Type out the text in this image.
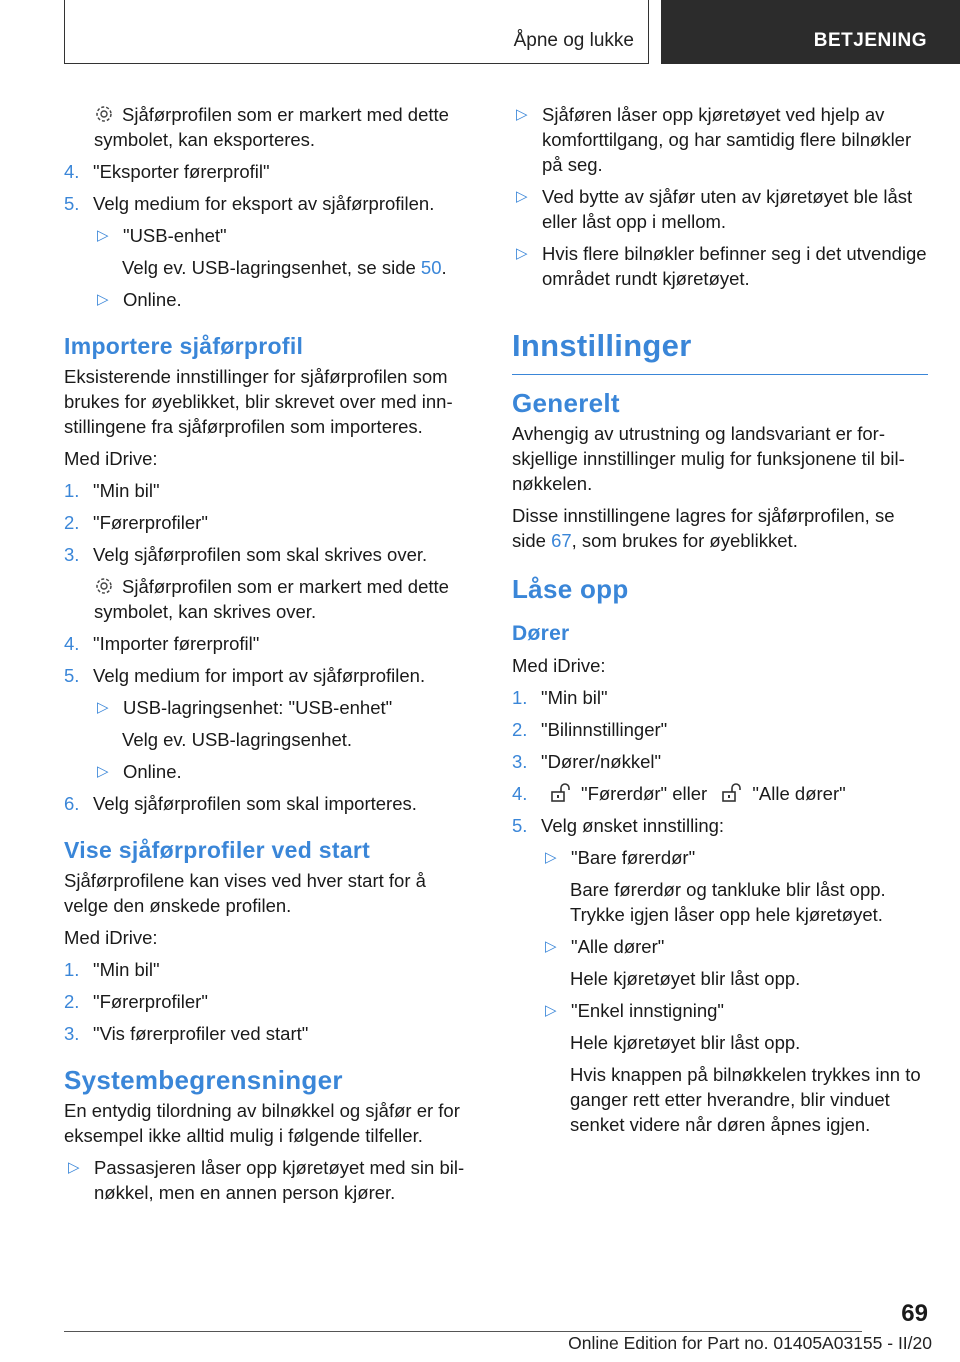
Åpne og lukke	BETJENING

Sjåførprofilen som er markert med dette symbolet, kan eksporteres.

4. "Eksporter førerprofil"
5. Velg medium for eksport av sjåførprofilen.
▷ "USB-enhet"

Velg ev. USB-lagringsenhet, se side 50.

▷ Online.
Importere sjåførprofil

Eksisterende innstillinger for sjåførprofilen som brukes for øyeblikket, blir skrevet over med innstillingene fra sjåførprofilen som importeres.

Med iDrive:

1. "Min bil"
2. "Førerprofiler"
3. Velg sjåførprofilen som skal skrives over.

Sjåførprofilen som er markert med dette symbolet, kan skrives over.

4. "Importer førerprofil"
5. Velg medium for import av sjåførprofilen.
▷ USB-lagringsenhet: "USB-enhet"

Velg ev. USB-lagringsenhet.

▷ Online.
6. Velg sjåførprofilen som skal importeres.
Vise sjåførprofiler ved start

Sjåførprofilene kan vises ved hver start for å velge den ønskede profilen.

Med iDrive:

1. "Min bil"
2. "Førerprofiler"
3. "Vis førerprofiler ved start"
Systembegrensninger

En entydig tilordning av bilnøkkel og sjåfør er for eksempel ikke alltid mulig i følgende tilfeller.

▷ Passasjeren låser opp kjøretøyet med sin bilnøkkel, men en annen person kjører.
▷ Sjåføren låser opp kjøretøyet ved hjelp av komforttilgang, og har samtidig flere bilnøkler på seg.
▷ Ved bytte av sjåfør uten av kjøretøyet ble låst eller låst opp i mellom.
▷ Hvis flere bilnøkler befinner seg i det utvendige området rundt kjøretøyet.
Innstillinger
Generelt

Avhengig av utrustning og landsvariant er forskjellige innstillinger mulig for funksjonene til bilnøkkelen.

Disse innstillingene lagres for sjåførprofilen, se side 67, som brukes for øyeblikket.

Låse opp
Dører

Med iDrive:

1. "Min bil"
2. "Bilinnstillinger"
3. "Dører/nøkkel"
4.	"Førerdør" eller "Alle dører"
5. Velg ønsket innstilling:
▷ "Bare førerdør"

Bare førerdør og tankluke blir låst opp. Trykke igjen låser opp hele kjøretøyet.

▷ "Alle dører"

Hele kjøretøyet blir låst opp.

▷ "Enkel innstigning"

Hele kjøretøyet blir låst opp.

Hvis knappen på bilnøkkelen trykkes inn to ganger rett etter hverandre, blir vinduet senket videre når døren åpnes igjen.

69
Online Edition for Part no. 01405A03155 - II/20
